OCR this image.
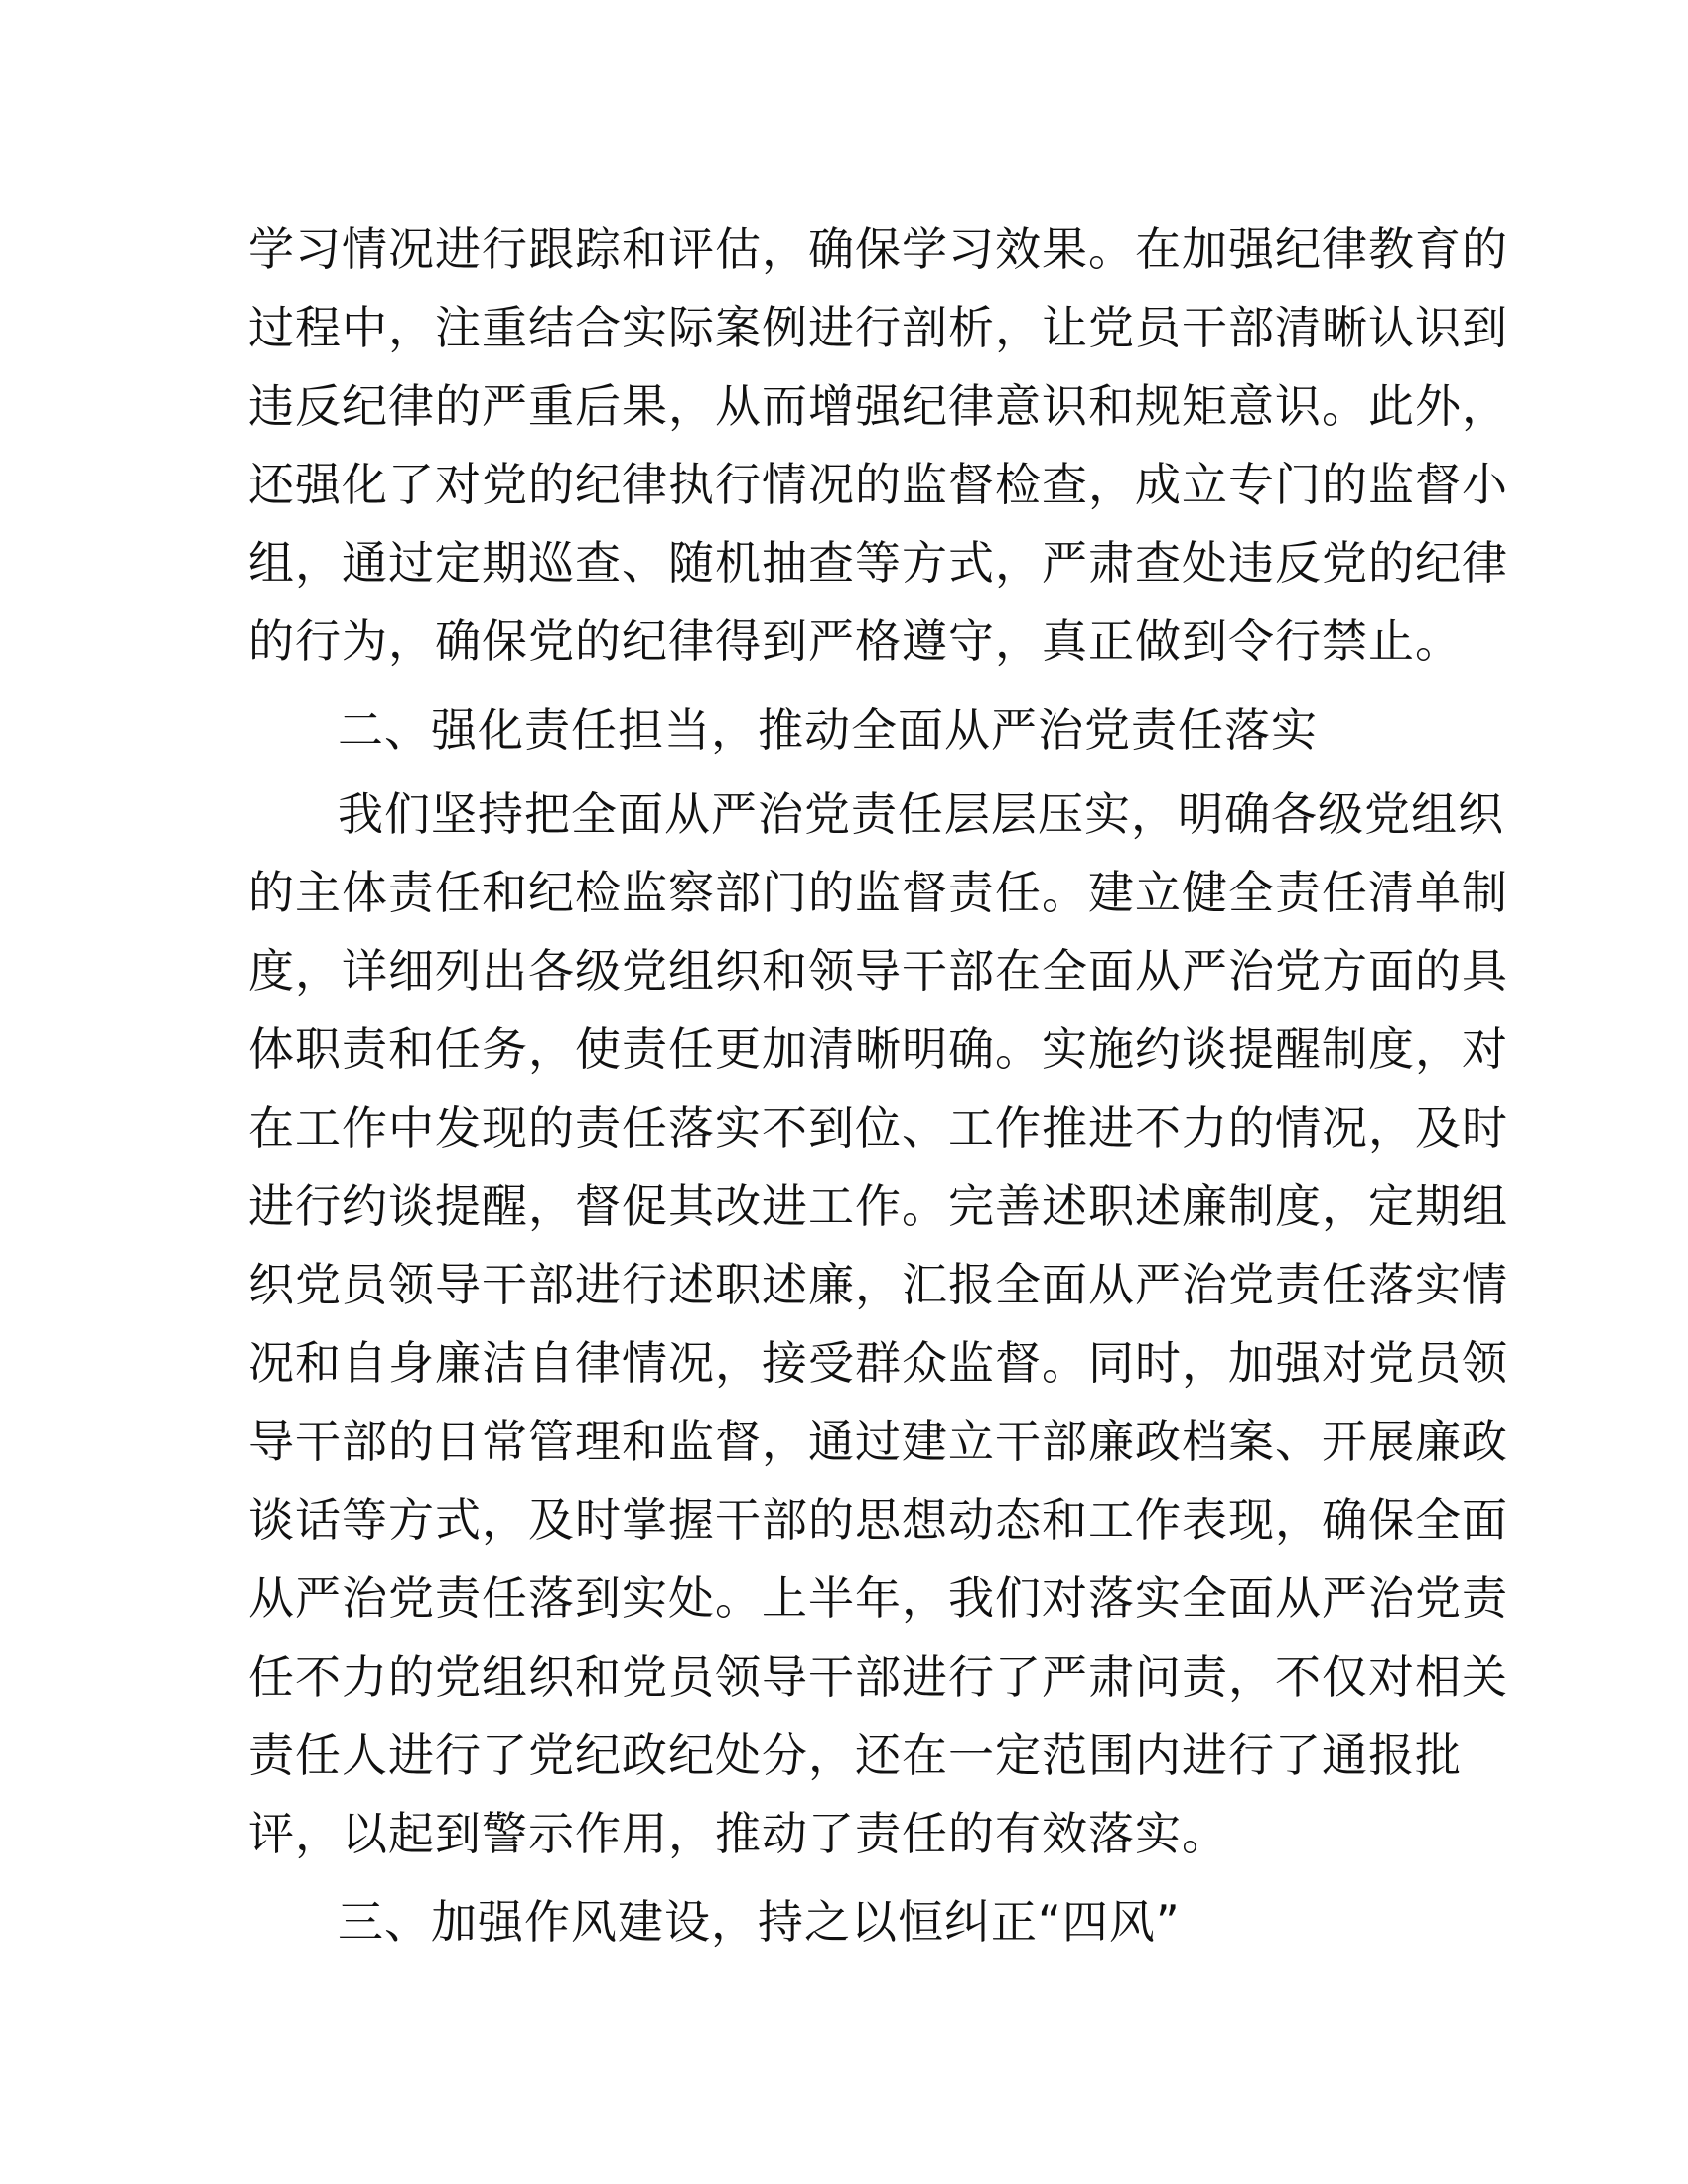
学习情况进行跟踪和评估，确保学习效果。在加强纪律教育的
过程中，注重结合实际案例进行剖析，让党员干部清晰认识到
违反纪律的严重后果，从而增强纪律意识和规矩意识。此外，
还强化了对党的纪律执行情况的监督检查，成立专门的监督小
组，通过定期巡查、随机抽查等方式，严肃查处违反党的纪律
的行为，确保党的纪律得到严格遵守，真正做到令行禁止。
二、强化责任担当，推动全面从严治党责任落实
我们坚持把全面从严治党责任层层压实，明确各级党组织
的主体责任和纪检监察部门的监督责任。建立健全责任清单制
度，详细列出各级党组织和领导干部在全面从严治党方面的具
体职责和任务，使责任更加清晰明确。实施约谈提醒制度，对
在工作中发现的责任落实不到位、工作推进不力的情况，及时
进行约谈提醒，督促其改进工作。完善述职述廉制度，定期组
织党员领导干部进行述职述廉，汇报全面从严治党责任落实情
况和自身廉洁自律情况，接受群众监督。同时，加强对党员领
导干部的日常管理和监督，通过建立干部廉政档案、开展廉政
谈话等方式，及时掌握干部的思想动态和工作表现，确保全面
从严治党责任落到实处。上半年，我们对落实全面从严治党责
任不力的党组织和党员领导干部进行了严肃问责，不仅对相关
责任人进行了党纪政纪处分，还在一定范围内进行了通报批
评，以起到警示作用，推动了责任的有效落实。
三、加强作风建设，持之以恒纠正“四风”
